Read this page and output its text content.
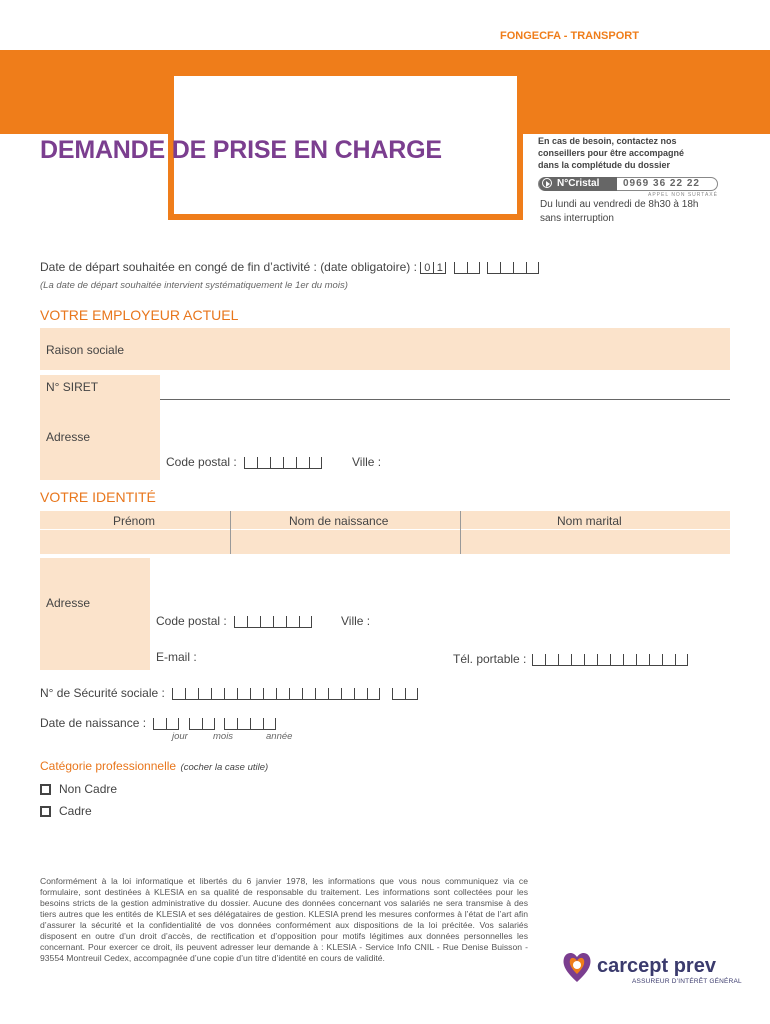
FONGECFA - TRANSPORT
DEMANDE DE PRISE EN CHARGE	En cas de besoin, contactez nos
conseillers pour être accompagné
dans la complétude du dossier
N°Cristal	0969 36 22 22
APPEL NON SURTAXÉ
Du lundi au vendredi de 8h30 à 18h
sans interruption
Date de départ souhaitée en congé de fin d’activité : (date obligatoire) : 0 1

(La date de départ souhaitée intervient systématiquement le 1er du mois)
VOTRE EMPLOYEUR ACTUEL
Raison sociale
N° SIRET
Adresse
Code postal :	Ville :
VOTRE IDENTITÉ
Prénom	Nom de naissance	Nom marital
Adresse
Code postal :	Ville :
E-mail :	Tél. portable :
N° de Sécurité sociale :

Date de naissance :

jour	mois	année
Catégorie professionnelle (cocher la case utile)
Non Cadre
Cadre
Conformément à la loi informatique et libertés du 6 janvier 1978, les informations que vous nous communiquez via ce formulaire, sont destinées à KLESIA en sa qualité de responsable du traitement. Les informations sont collectées pour les besoins stricts de la gestion administrative du dossier. Aucune des données concernant vos salariés ne sera transmise à des tiers autres que les entités de KLESIA et ses délégataires de gestion. KLESIA prend les mesures conformes à l’état de l’art afin d’assurer la sécurité et la confidentialité de vos données conformément aux dispositions de la loi précitée. Vos salariés disposent en outre d’un droit d’accès, de rectification et d’opposition pour motifs légitimes aux données personnelles les concernant. Pour exercer ce droit, ils peuvent adresser leur demande à : KLESIA - Service Info CNIL - Rue Denise Buisson - 93554 Montreuil Cedex, accompagnée d’une copie d’un titre d’identité en cours de validité.	carcept prev
ASSUREUR D’INTÉRÊT GÉNÉRAL
